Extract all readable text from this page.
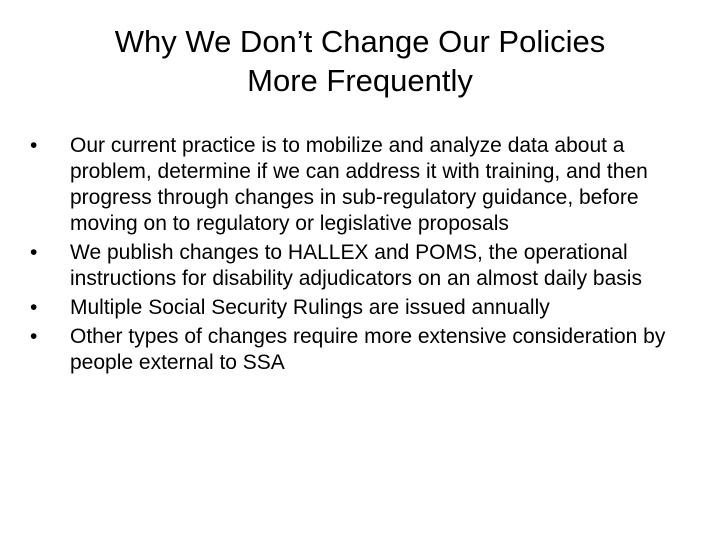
Why We Don’t Change Our Policies
More Frequently
•	Our current practice is to mobilize and analyze data about a problem, determine if we can address it with training, and then progress through changes in sub-regulatory guidance, before moving on to regulatory or legislative proposals
•	We publish changes to HALLEX and POMS, the operational instructions for disability adjudicators on an almost daily basis
•	Multiple Social Security Rulings are issued annually
•	Other types of changes require more extensive consideration by people external to SSA
